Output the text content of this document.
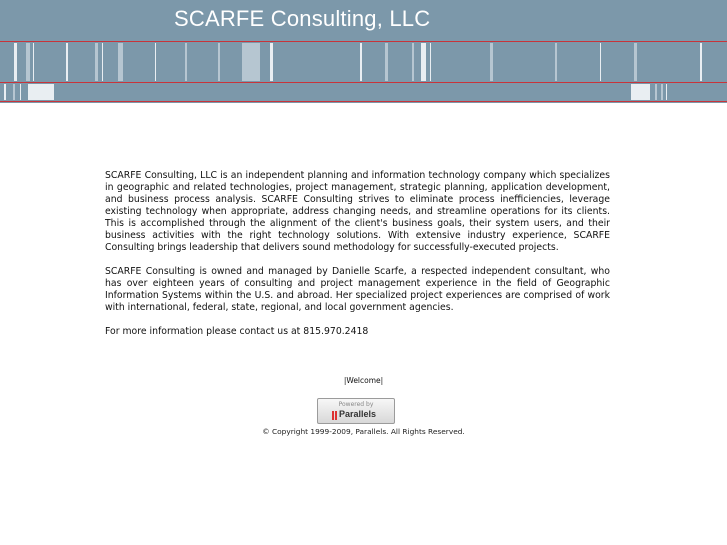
SCARFE Consulting, LLC

SCARFE Consulting, LLC is an independent planning and information technology company which specializes in geographic and related technologies, project management, strategic planning, application development, and business process analysis. SCARFE Consulting strives to eliminate process inefficiencies, leverage existing technology when appropriate, address changing needs, and streamline operations for its clients. This is accomplished through the alignment of the client's business goals, their system users, and their business activities with the right technology solutions. With extensive industry experience, SCARFE Consulting brings leadership that delivers sound methodology for successfully-executed projects.

SCARFE Consulting is owned and managed by Danielle Scarfe, a respected independent consultant, who has over eighteen years of consulting and project management experience in the field of Geographic Information Systems within the U.S. and abroad. Her specialized project experiences are comprised of work with international, federal, state, regional, and local government agencies.

For more information please contact us at 815.970.2418

|Welcome|
Powered by
Parallels
© Copyright 1999-2009, Parallels. All Rights Reserved.
